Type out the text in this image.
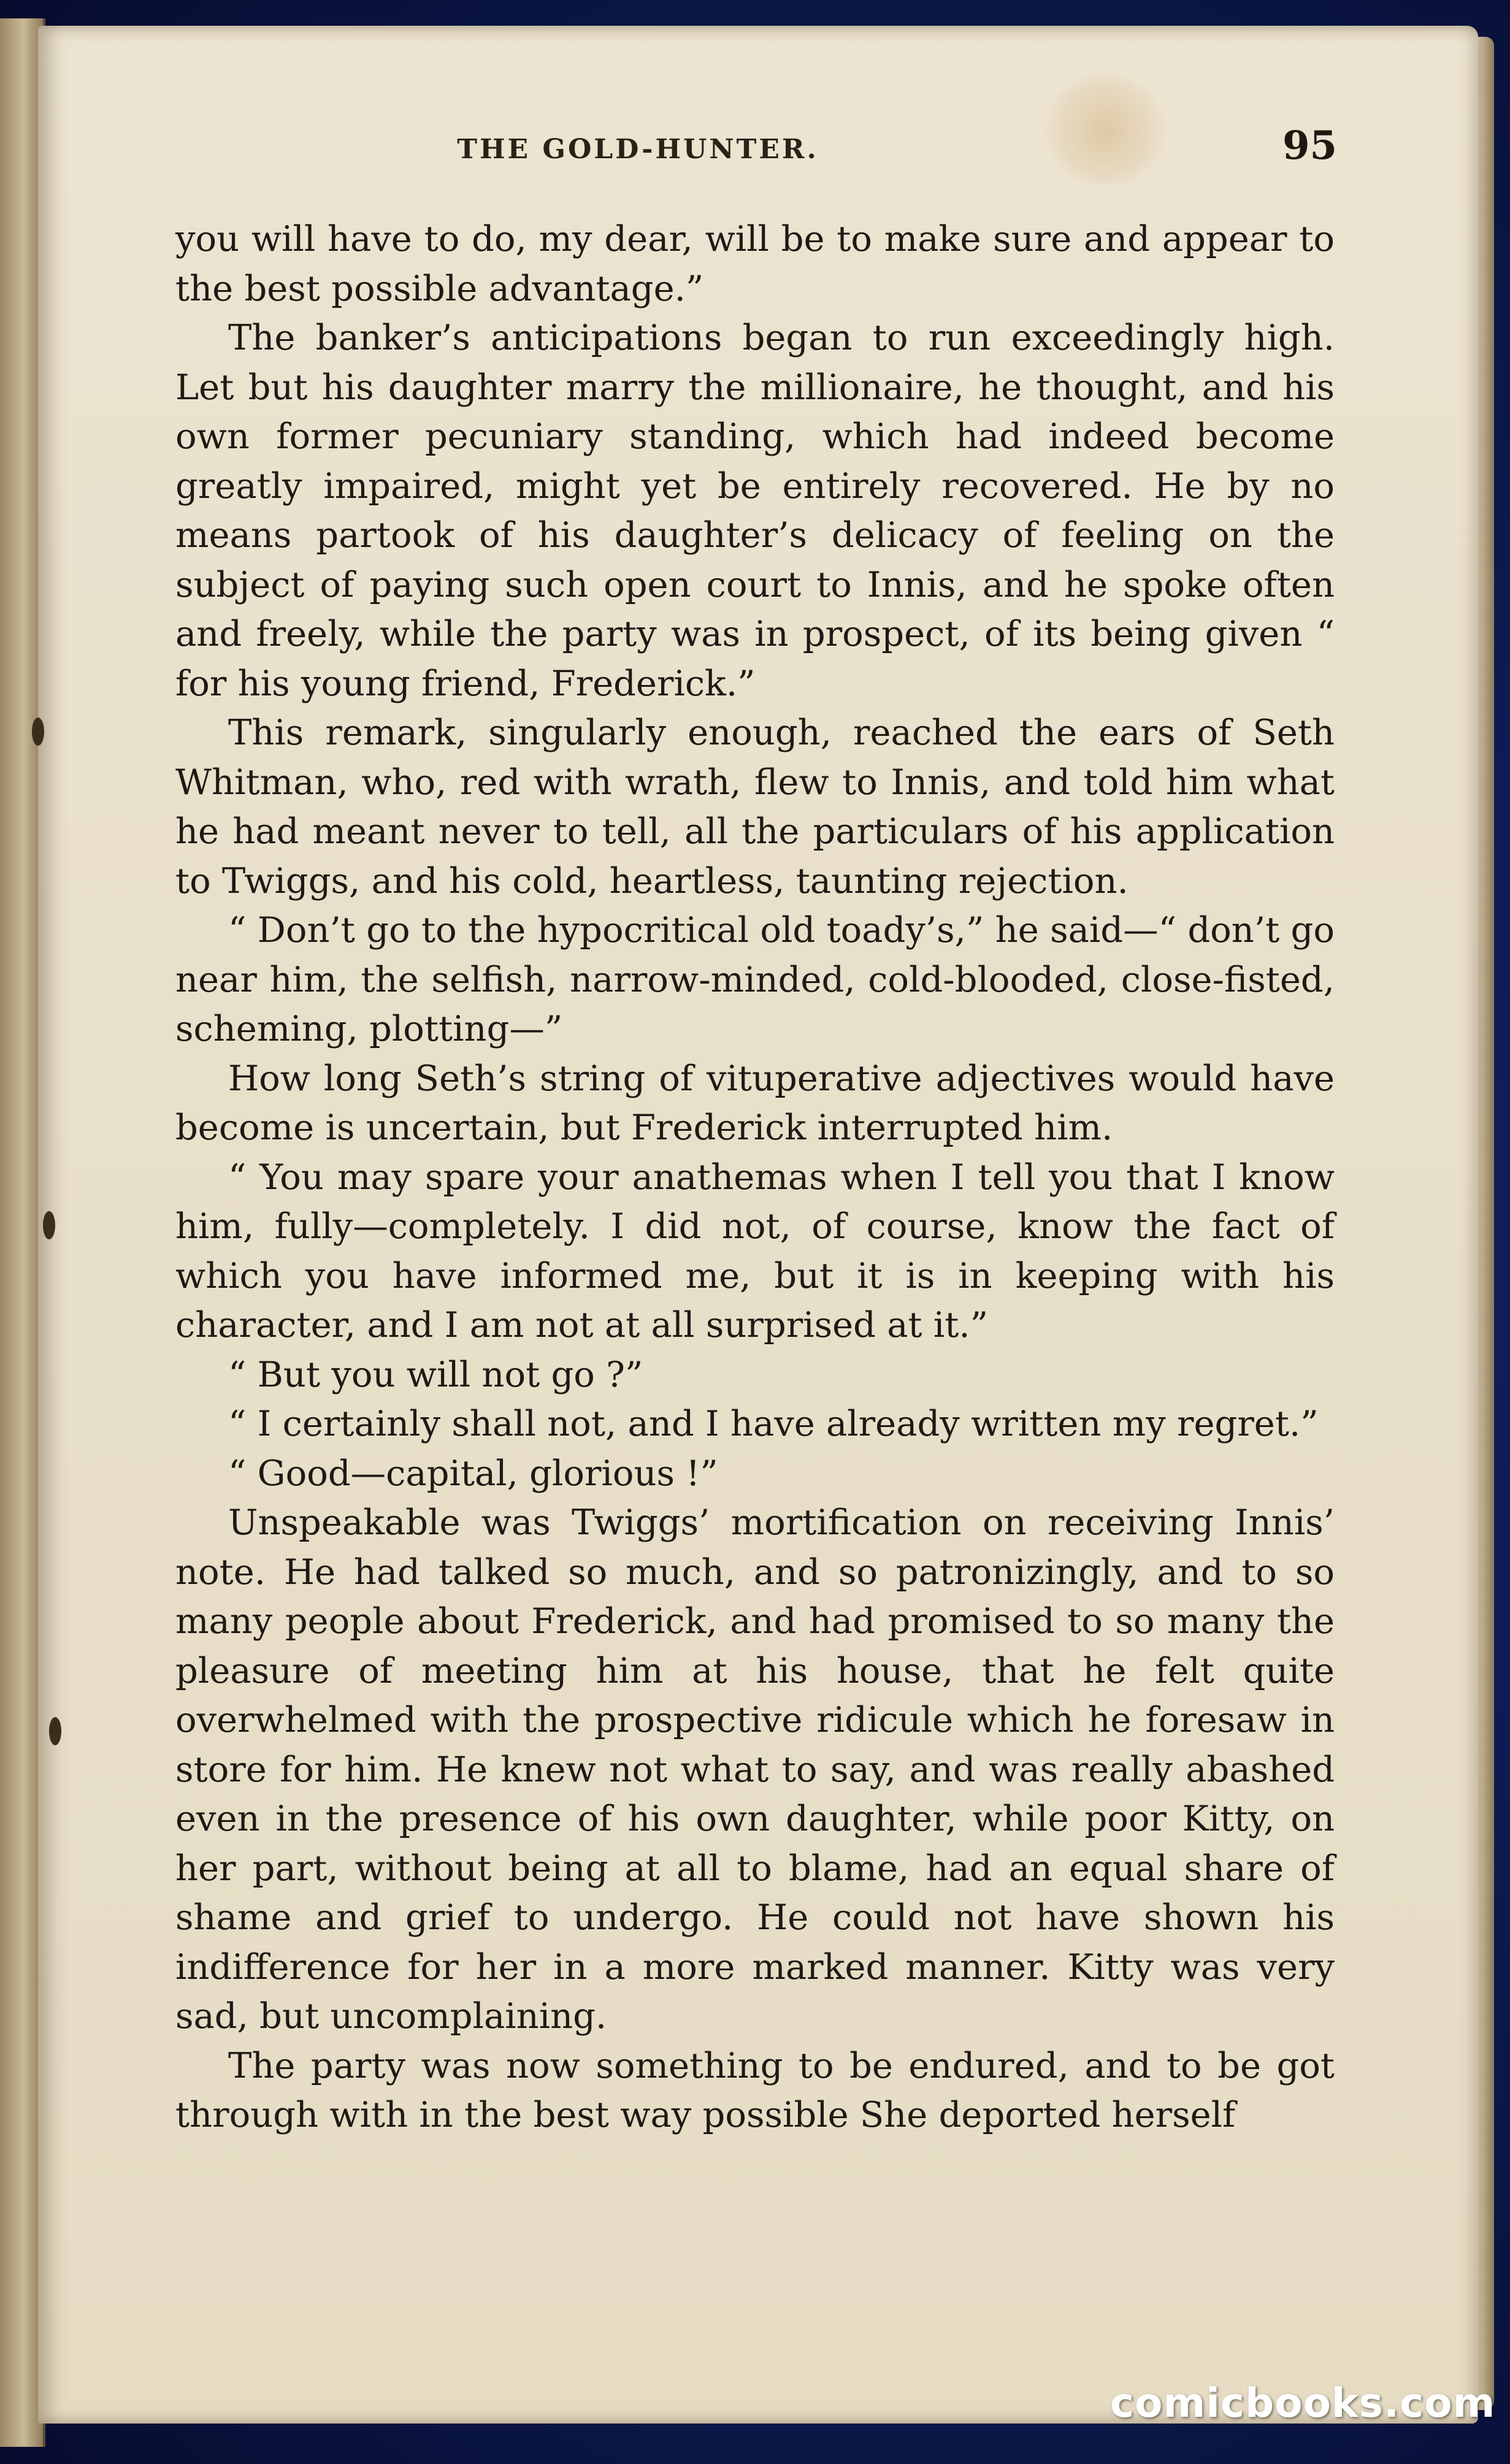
THE GOLD-HUNTER.	95

you will have to do, my dear, will be to make sure and appear to the best possible advantage.”

The banker’s anticipations began to run exceedingly high. Let but his daughter marry the millionaire, he thought, and his own former pecuniary standing, which had indeed become greatly impaired, might yet be entirely recovered. He by no means partook of his daughter’s delicacy of feeling on the subject of paying such open court to Innis, and he spoke often and freely, while the party was in prospect, of its being given “ for his young friend, Frederick.”

This remark, singularly enough, reached the ears of Seth Whitman, who, red with wrath, flew to Innis, and told him what he had meant never to tell, all the particulars of his application to Twiggs, and his cold, heartless, taunting rejection.

“ Don’t go to the hypocritical old toady’s,” he said—“ don’t go near him, the selfish, narrow-minded, cold-blooded, close-fisted, scheming, plotting—”

How long Seth’s string of vituperative adjectives would have become is uncertain, but Frederick interrupted him.

“ You may spare your anathemas when I tell you that I know him, fully—completely. I did not, of course, know the fact of which you have informed me, but it is in keeping with his character, and I am not at all surprised at it.”

“ But you will not go ?”

“ I certainly shall not, and I have already written my regret.”

“ Good—capital, glorious !”

Unspeakable was Twiggs’ mortification on receiving Innis’ note. He had talked so much, and so patronizingly, and to so many people about Frederick, and had promised to so many the pleasure of meeting him at his house, that he felt quite overwhelmed with the prospective ridicule which he foresaw in store for him. He knew not what to say, and was really abashed even in the presence of his own daughter, while poor Kitty, on her part, without being at all to blame, had an equal share of shame and grief to undergo. He could not have shown his indifference for her in a more marked manner. Kitty was very sad, but uncomplaining.

The party was now something to be endured, and to be got through with in the best way possible She deported herself

comicbooks.com
